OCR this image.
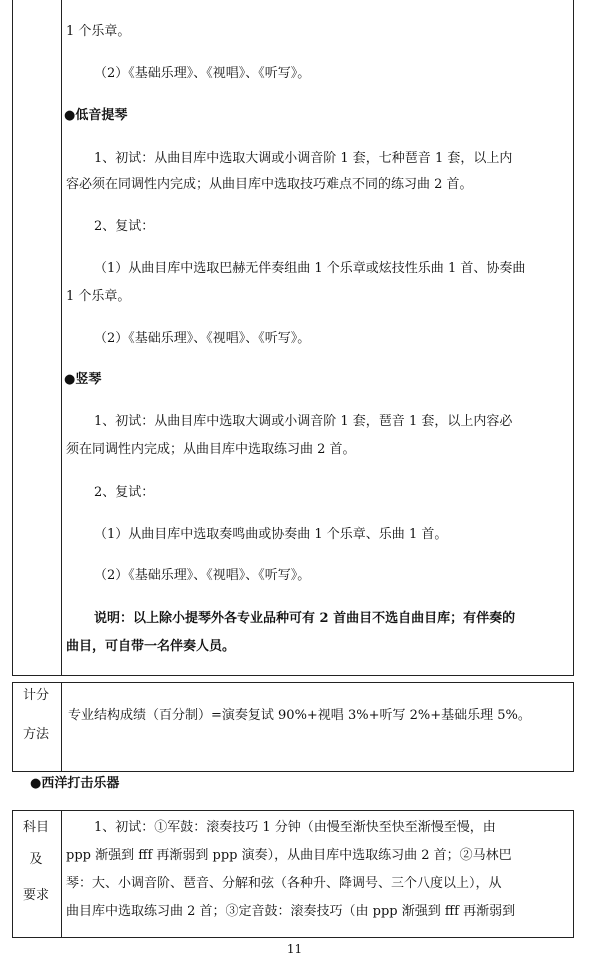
1 个乐章。
（2）《基础乐理》、《视唱》、《听写》。
●低音提琴
1、初试：从曲目库中选取大调或小调音阶 1 套，七种琶音 1 套，以上内
容必须在同调性内完成；从曲目库中选取技巧难点不同的练习曲 2 首。
2、复试：
（1）从曲目库中选取巴赫无伴奏组曲 1 个乐章或炫技性乐曲 1 首、协奏曲
1 个乐章。
（2）《基础乐理》、《视唱》、《听写》。
●竖琴
1、初试：从曲目库中选取大调或小调音阶 1 套，琶音 1 套，以上内容必
须在同调性内完成；从曲目库中选取练习曲 2 首。
2、复试：
（1）从曲目库中选取奏鸣曲或协奏曲 1 个乐章、乐曲 1 首。
（2）《基础乐理》、《视唱》、《听写》。
说明：以上除小提琴外各专业品种可有 2 首曲目不选自曲目库；有伴奏的
曲目，可自带一名伴奏人员。
计分
方法
专业结构成绩（百分制）=演奏复试 90%+视唱 3%+听写 2%+基础乐理 5%。
●西洋打击乐器
科目
及
要求
1、初试：①军鼓：滚奏技巧 1 分钟（由慢至渐快至快至渐慢至慢，由
ppp 渐强到 fff 再渐弱到 ppp 演奏），从曲目库中选取练习曲 2 首；②马林巴
琴：大、小调音阶、琶音、分解和弦（各种升、降调号、三个八度以上），从
曲目库中选取练习曲 2 首；③定音鼓：滚奏技巧（由 ppp 渐强到 fff 再渐弱到
11
